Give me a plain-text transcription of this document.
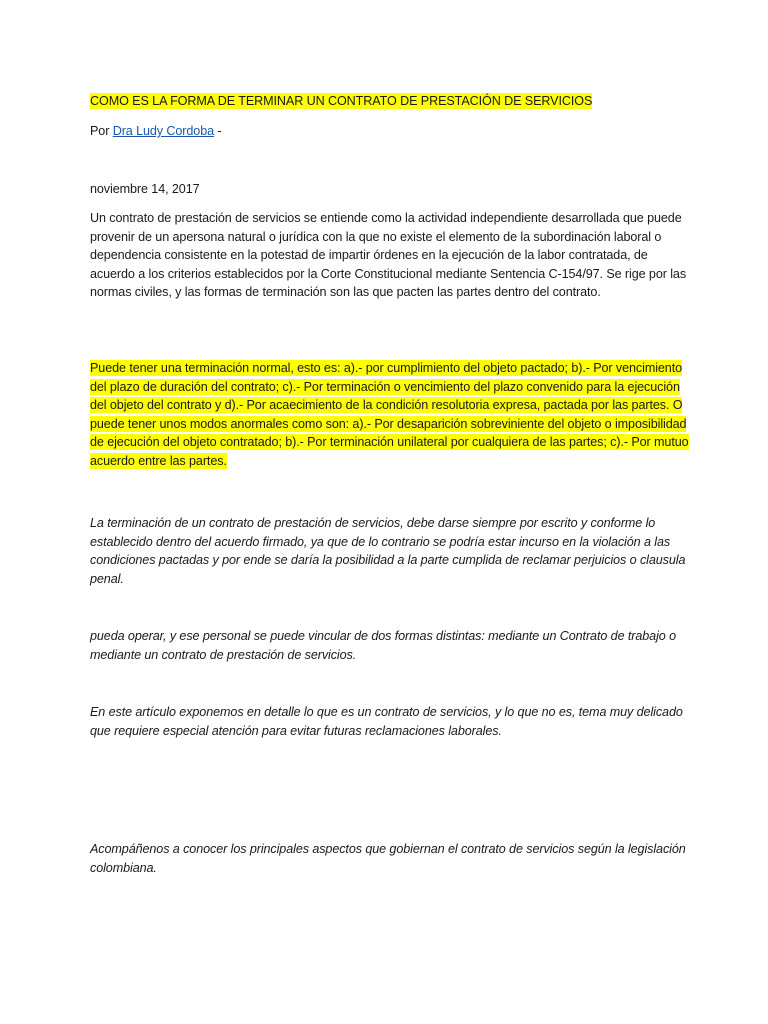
COMO ES LA FORMA DE TERMINAR UN CONTRATO DE PRESTACIÓN DE SERVICIOS

Por Dra Ludy Cordoba -

noviembre 14, 2017

Un contrato de prestación de servicios se entiende como la actividad independiente desarrollada que puede provenir de un apersona natural o jurídica con la que no existe el elemento de la subordinación laboral o dependencia consistente en la potestad de impartir órdenes en la ejecución de la labor contratada, de acuerdo a los criterios establecidos por la Corte Constitucional mediante Sentencia C-154/97. Se rige por las normas civiles, y las formas de terminación son las que pacten las partes dentro del contrato.

Puede tener una terminación normal, esto es: a).- por cumplimiento del objeto pactado; b).- Por vencimiento del plazo de duración del contrato; c).- Por terminación o vencimiento del plazo convenido para la ejecución del objeto del contrato y d).- Por acaecimiento de la condición resolutoria expresa, pactada por las partes. O puede tener unos modos anormales como son: a).- Por desaparición sobreviniente del objeto o imposibilidad de ejecución del objeto contratado; b).- Por terminación unilateral por cualquiera de las partes; c).- Por mutuo acuerdo entre las partes.

La terminación de un contrato de prestación de servicios, debe darse siempre por escrito y conforme lo establecido dentro del acuerdo firmado, ya que de lo contrario se podría estar incurso en la violación a las condiciones pactadas y por ende se daría la posibilidad a la parte cumplida de reclamar perjuicios o clausula penal.

pueda operar, y ese personal se puede vincular de dos formas distintas: mediante un Contrato de trabajo o mediante un contrato de prestación de servicios.

En este artículo exponemos en detalle lo que es un contrato de servicios, y lo que no es, tema muy delicado que requiere especial atención para evitar futuras reclamaciones laborales.

Acompáñenos a conocer los principales aspectos que gobiernan el contrato de servicios según la legislación colombiana.
